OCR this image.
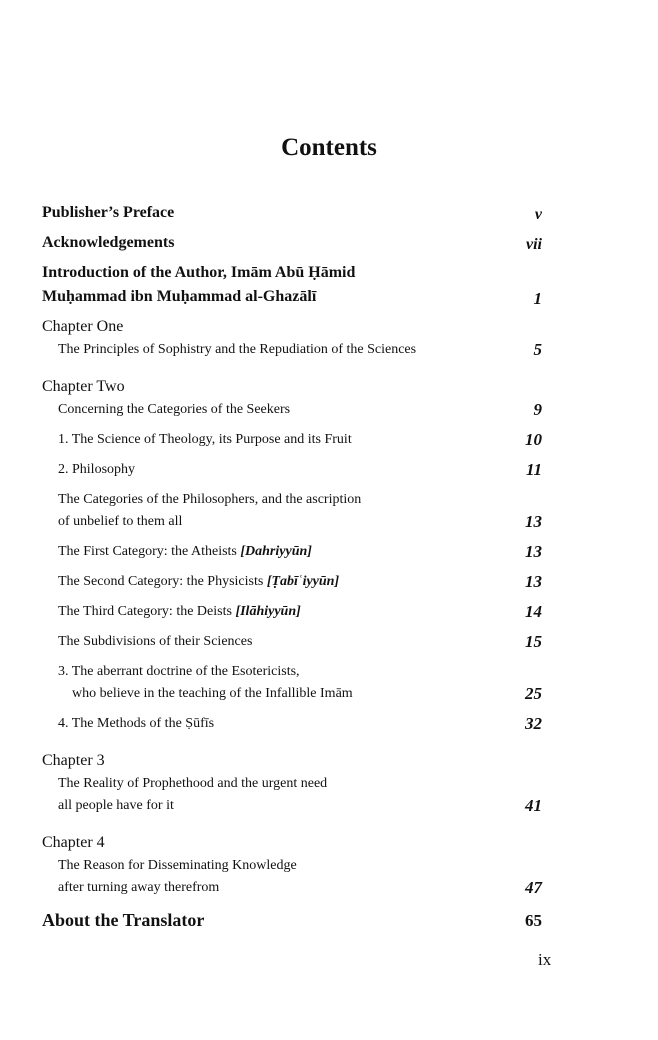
Contents
Publisher’s Preface	v
Acknowledgements	vii
Introduction of the Author, Imām Abū Ḥāmid
Muḥammad ibn Muḥammad al-Ghazālī	1
Chapter One
The Principles of Sophistry and the Repudiation of the Sciences	5
Chapter Two
Concerning the Categories of the Seekers	9
1. The Science of Theology, its Purpose and its Fruit	10
2. Philosophy	11
The Categories of the Philosophers, and the ascription
of unbelief to them all	13
The First Category: the Atheists [Dahriyyūn]	13
The Second Category: the Physicists [Ṭabīʿiyyūn]	13
The Third Category: the Deists [Ilāhiyyūn]	14
The Subdivisions of their Sciences	15
3. The aberrant doctrine of the Esotericists,
who believe in the teaching of the Infallible Imām	25
4. The Methods of the Ṣūfīs	32
Chapter 3
The Reality of Prophethood and the urgent need
all people have for it	41
Chapter 4
The Reason for Disseminating Knowledge
after turning away therefrom	47
About the Translator	65
ix
